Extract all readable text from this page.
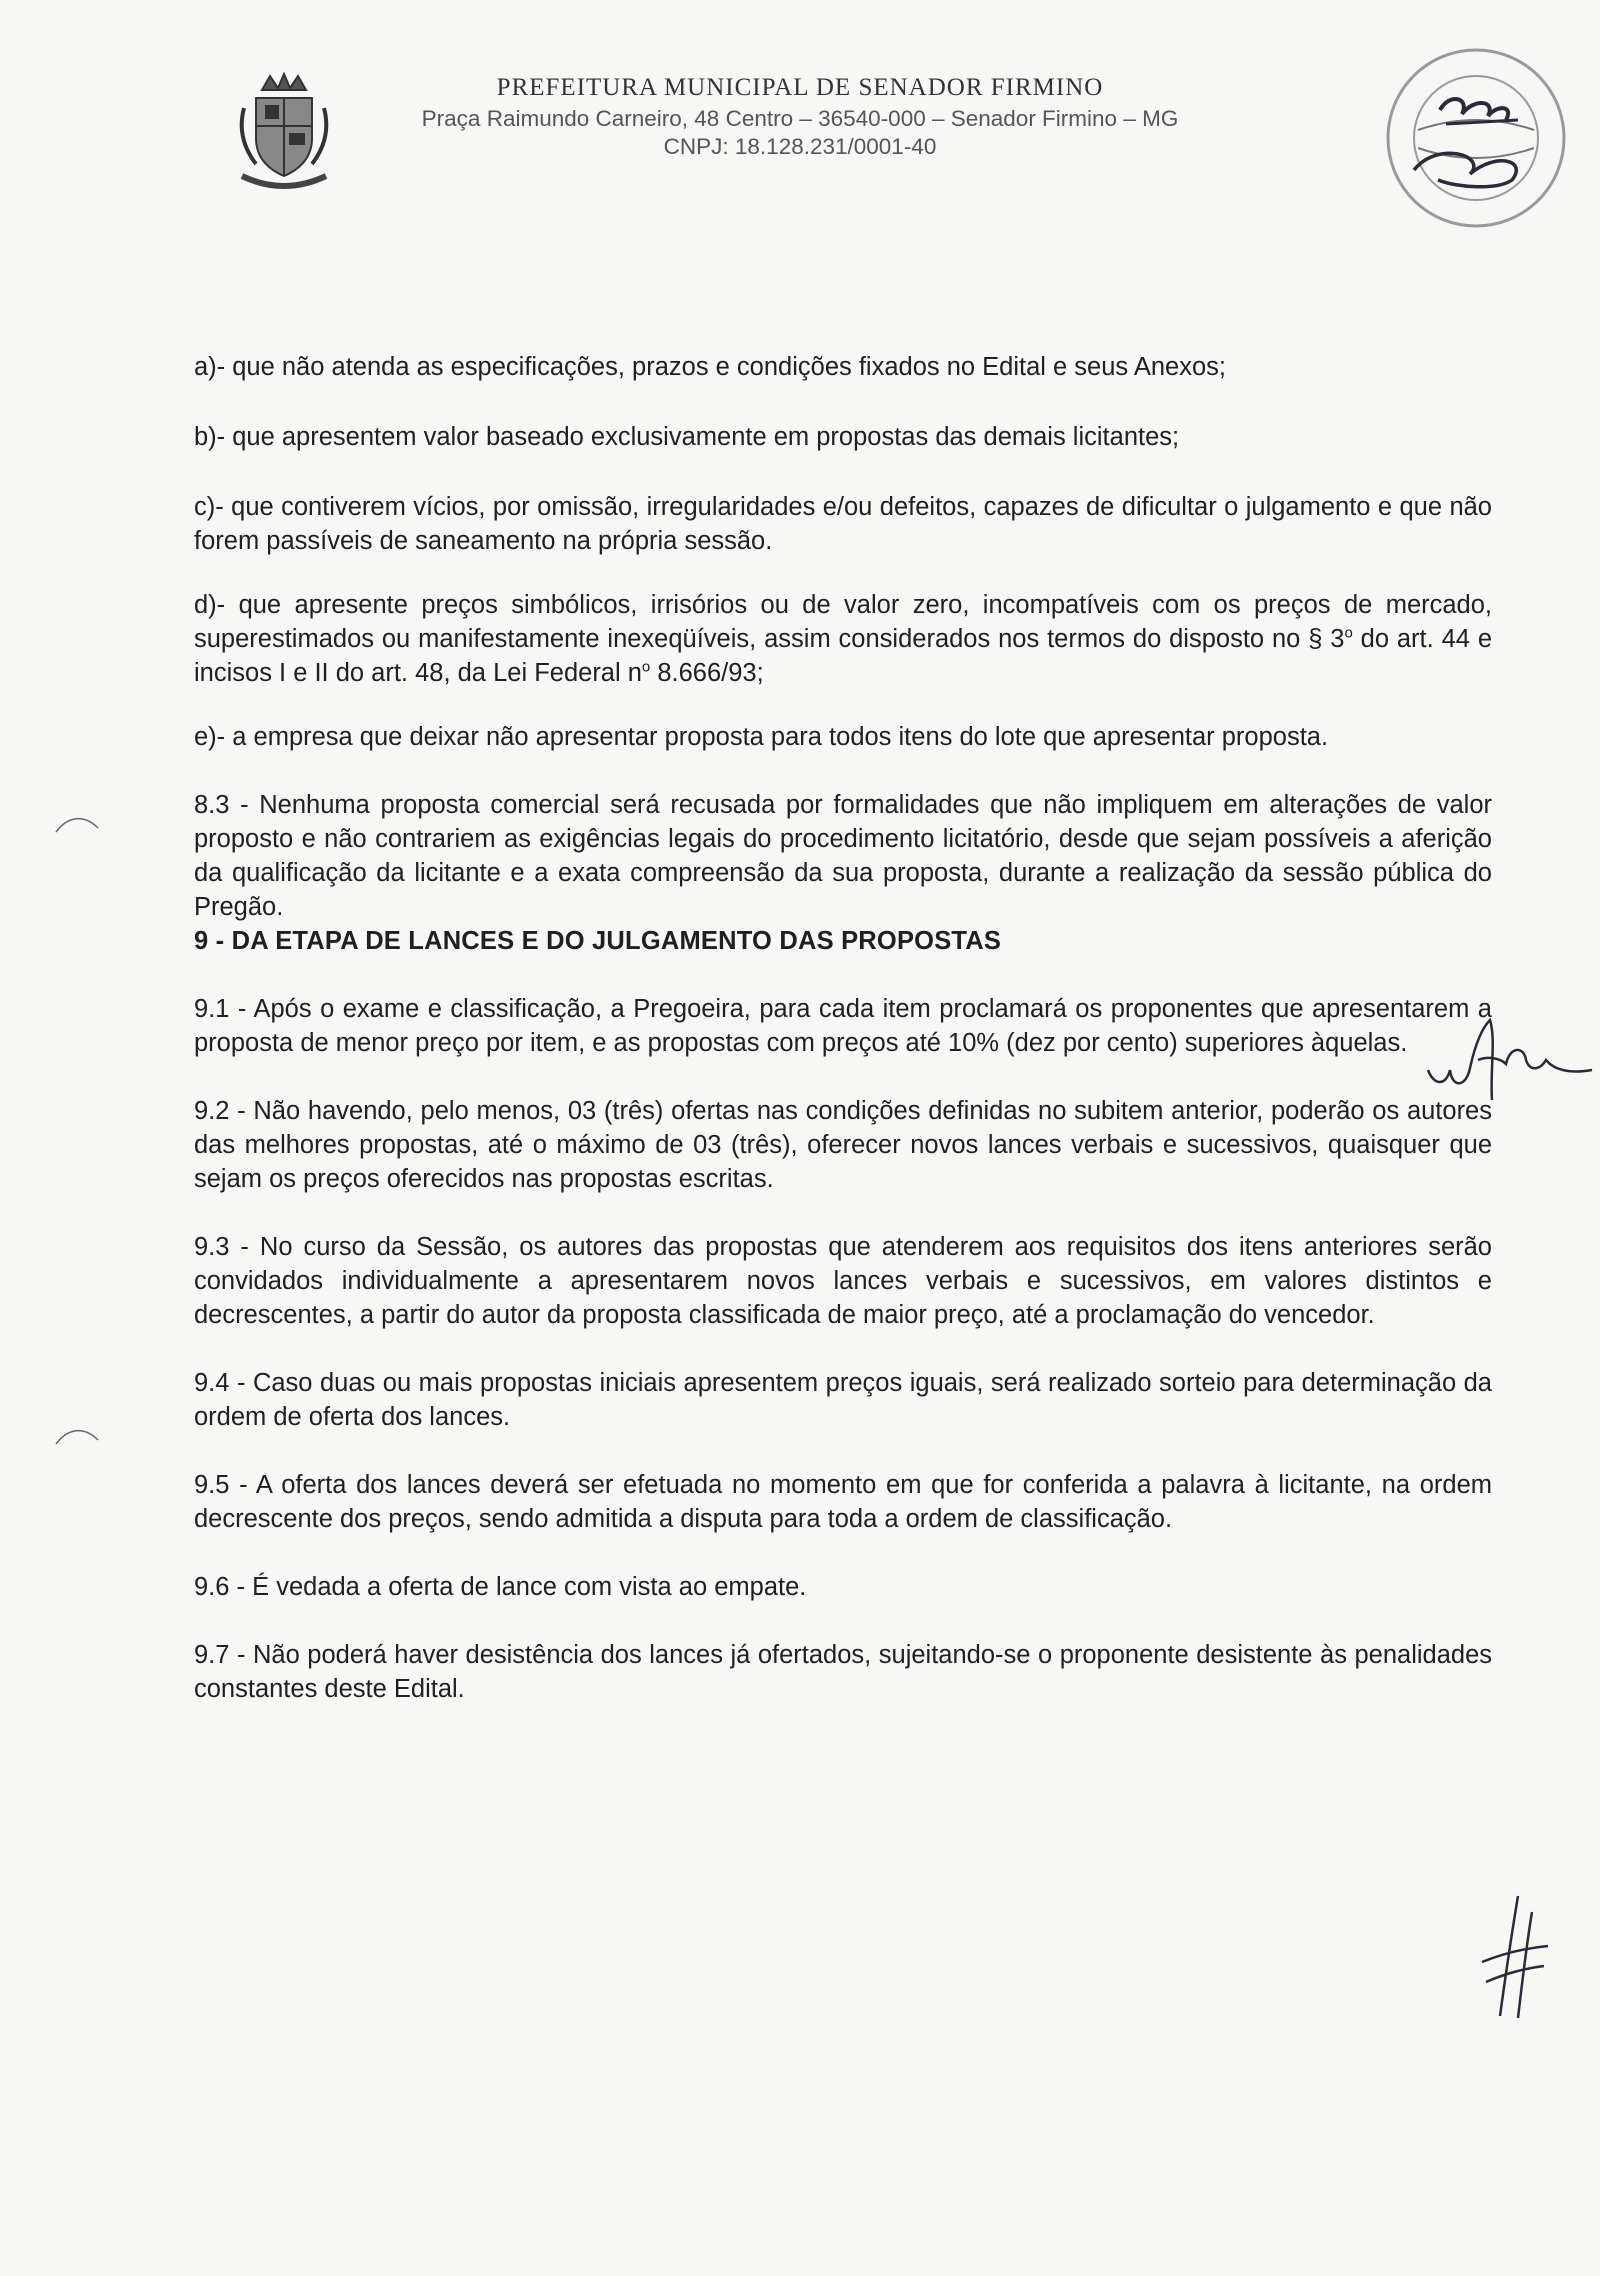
PREFEITURA MUNICIPAL DE SENADOR FIRMINO

Praça Raimundo Carneiro, 48 Centro – 36540-000 – Senador Firmino – MG

CNPJ: 18.128.231/0001-40

a)- que não atenda as especificações, prazos e condições fixados no Edital e seus Anexos;

b)- que apresentem valor baseado exclusivamente em propostas das demais licitantes;

c)- que contiverem vícios, por omissão, irregularidades e/ou defeitos, capazes de dificultar o julgamento e que não forem passíveis de saneamento na própria sessão.

d)- que apresente preços simbólicos, irrisórios ou de valor zero, incompatíveis com os preços de mercado, superestimados ou manifestamente inexeqüíveis, assim considerados nos termos do disposto no § 3$^o$ do art. 44 e incisos I e II do art. 48, da Lei Federal $n^o$ 8.666/93;

e)- a empresa que deixar não apresentar proposta para todos itens do lote que apresentar proposta.

8.3 - Nenhuma proposta comercial será recusada por formalidades que não impliquem em alterações de valor proposto e não contrariem as exigências legais do procedimento licitatório, desde que sejam possíveis a aferição da qualificação da licitante e a exata compreensão da sua proposta, durante a realização da sessão pública do Pregão.

9 - DA ETAPA DE LANCES E DO JULGAMENTO DAS PROPOSTAS

9.1 - Após o exame e classificação, a Pregoeira, para cada item proclamará os proponentes que apresentarem a proposta de menor preço por item, e as propostas com preços até 10% (dez por cento) superiores àquelas.

9.2 - Não havendo, pelo menos, 03 (três) ofertas nas condições definidas no subitem anterior, poderão os autores das melhores propostas, até o máximo de 03 (três), oferecer novos lances verbais e sucessivos, quaisquer que sejam os preços oferecidos nas propostas escritas.

9.3 - No curso da Sessão, os autores das propostas que atenderem aos requisitos dos itens anteriores serão convidados individualmente a apresentarem novos lances verbais e sucessivos, em valores distintos e decrescentes, a partir do autor da proposta classificada de maior preço, até a proclamação do vencedor.

9.4 - Caso duas ou mais propostas iniciais apresentem preços iguais, será realizado sorteio para determinação da ordem de oferta dos lances.

9.5 - A oferta dos lances deverá ser efetuada no momento em que for conferida a palavra à licitante, na ordem decrescente dos preços, sendo admitida a disputa para toda a ordem de classificação.

9.6 - É vedada a oferta de lance com vista ao empate.

9.7 - Não poderá haver desistência dos lances já ofertados, sujeitando-se o proponente desistente às penalidades constantes deste Edital.
